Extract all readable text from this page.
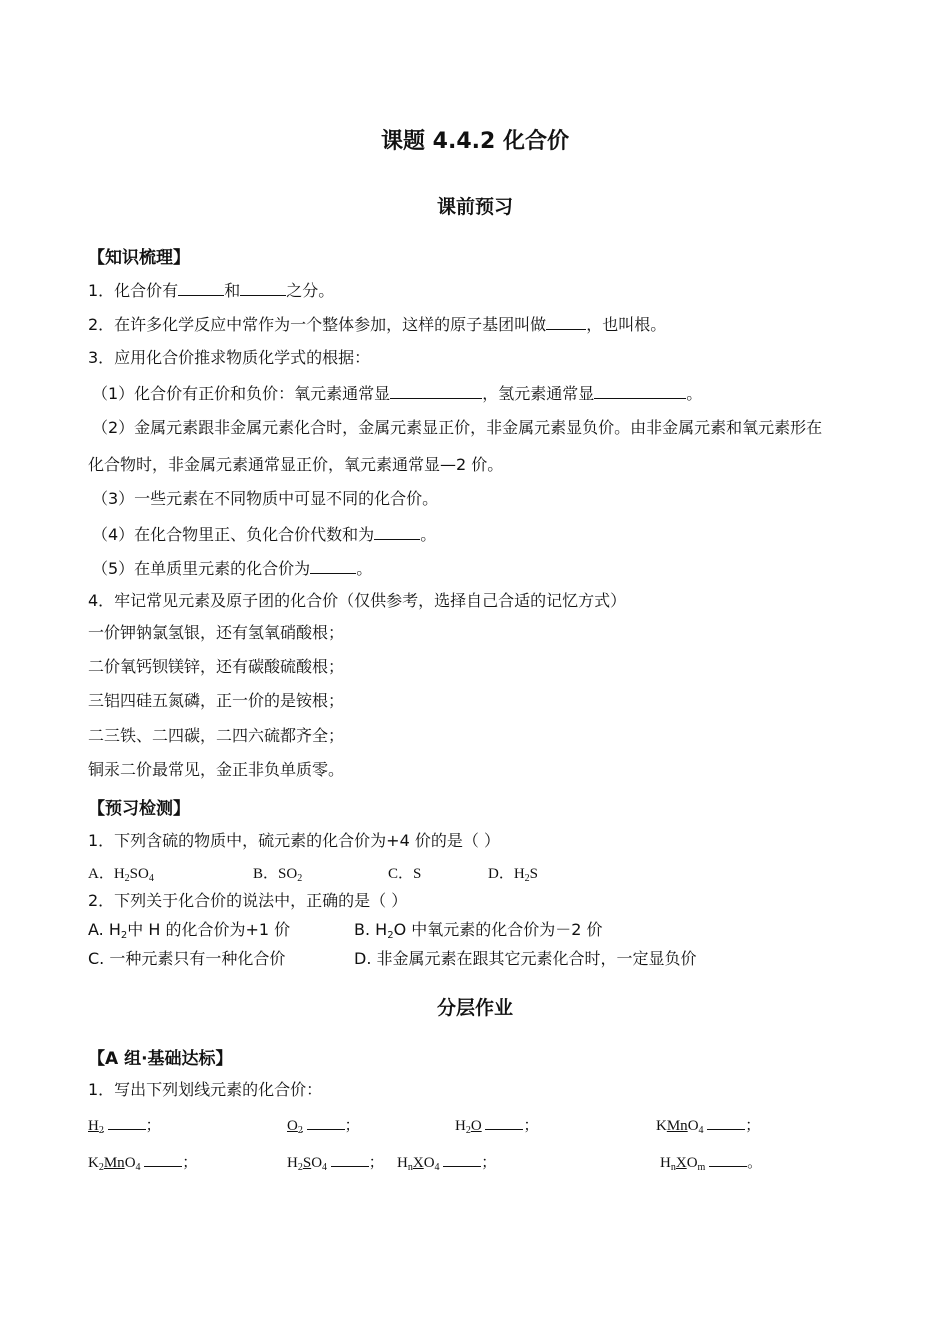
课题 4.4.2 化合价
课前预习
【知识梳理】
1．化合价有	和	之分。
2．在许多化学反应中常作为一个整体参加，这样的原子基团叫做	，也叫根。
3．应用化合价推求物质化学式的根据：
（1）化合价有正价和负价：氧元素通常显	，氢元素通常显	。
（2）金属元素跟非金属元素化合时，金属元素显正价，非金属元素显负价。由非金属元素和氧元素形在
化合物时，非金属元素通常显正价，氧元素通常显—2 价。
（3）一些元素在不同物质中可显不同的化合价。
（4）在化合物里正、负化合价代数和为	。
（5）在单质里元素的化合价为	。
4．牢记常见元素及原子团的化合价（仅供参考，选择自己合适的记忆方式）
一价钾钠氯氢银，还有氢氧硝酸根；
二价氧钙钡镁锌，还有碳酸硫酸根；
三铝四硅五氮磷，正一价的是铵根；
二三铁、二四碳，二四六硫都齐全；
铜汞二价最常见，金正非负单质零。
【预习检测】
1．下列含硫的物质中，硫元素的化合价为+4 价的是（ ）
A．$H_2SO_4$	B．$SO_2$	C．S	D．$H_2S$
2．下列关于化合价的说法中，正确的是（ ）
A. $H_2$中 H 的化合价为+1 价	B. $H_2O$ 中氧元素的化合价为－2 价
C. 一种元素只有一种化合价	D. 非金属元素在跟其它元素化合时，一定显负价
分层作业
【A 组·基础达标】
1．写出下列划线元素的化合价：
$H_2$	；	$O_2$	；	$H_2O$	；	KMnO$_4$	；
$K_2MnO_4$	；	$H_2SO_4$	； $H_nXO_4$	；	$H_nXO_m$	。
